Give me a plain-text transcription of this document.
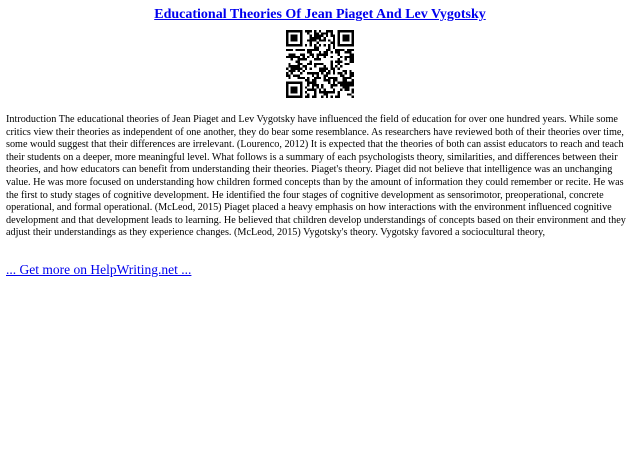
Educational Theories Of Jean Piaget And Lev Vygotsky

Introduction The educational theories of Jean Piaget and Lev Vygotsky have influenced the field of education for over one hundred years. While some critics view their theories as independent of one another, they do bear some resemblance. As researchers have reviewed both of their theories over time, some would suggest that their differences are irrelevant. (Lourenco, 2012) It is expected that the theories of both can assist educators to reach and teach their students on a deeper, more meaningful level. What follows is a summary of each psychologists theory, similarities, and differences between their theories, and how educators can benefit from understanding their theories. Piaget's theory. Piaget did not believe that intelligence was an unchanging value. He was more focused on understanding how children formed concepts than by the amount of information they could remember or recite. He was the first to study stages of cognitive development. He identified the four stages of cognitive development as sensorimotor, preoperational, concrete operational, and formal operational. (McLeod, 2015) Piaget placed a heavy emphasis on how interactions with the environment influenced cognitive development and that development leads to learning. He believed that children develop understandings of concepts based on their environment and they adjust their understandings as they experience changes. (McLeod, 2015) Vygotsky's theory. Vygotsky favored a sociocultural theory,

... Get more on HelpWriting.net ...
